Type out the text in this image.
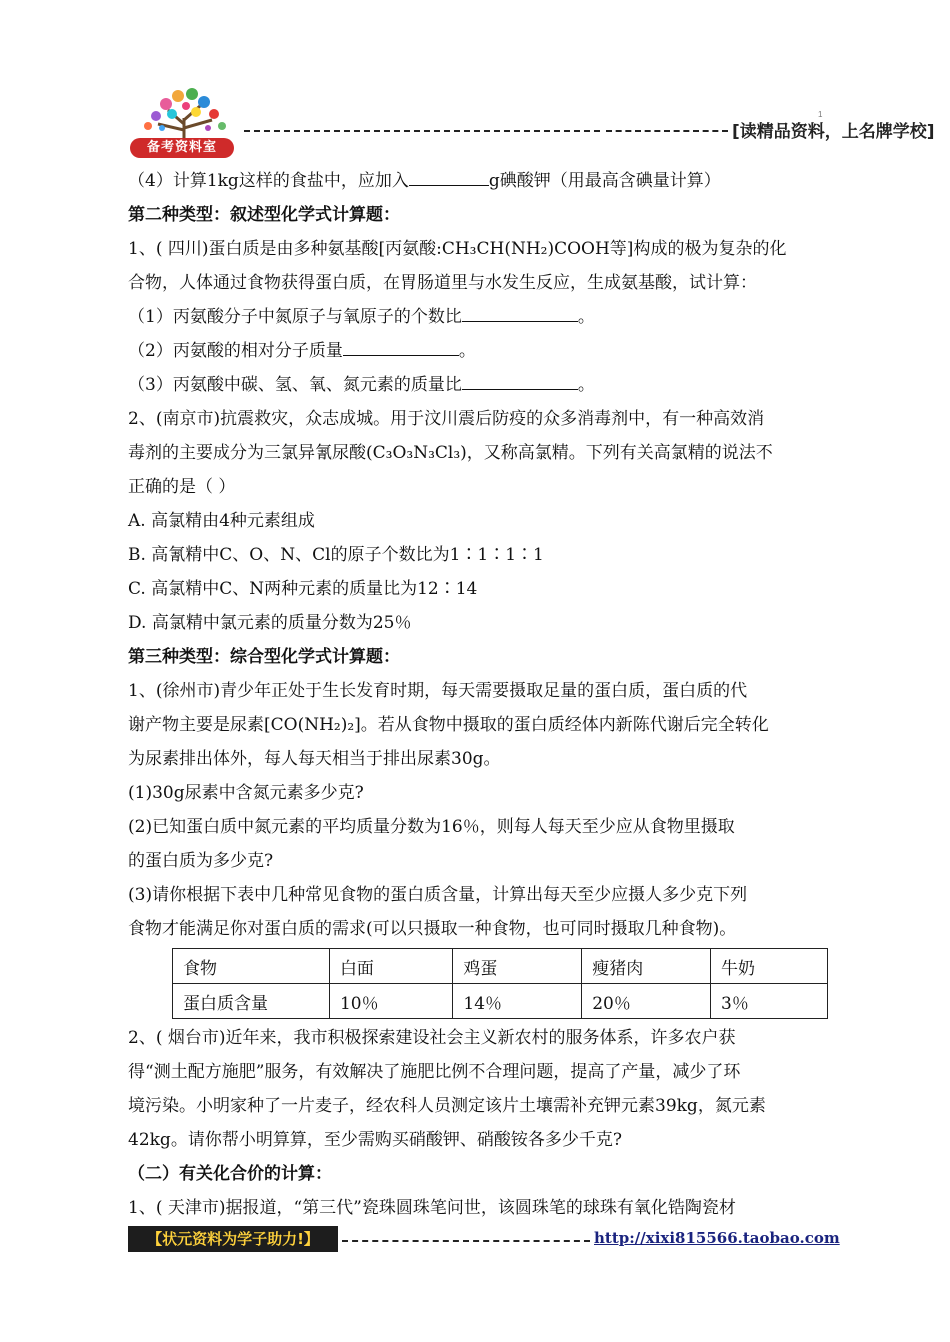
备考资料室
[读精品资料，上名牌学校]
1
（4）计算1kg这样的食盐中，应加入	g碘酸钾（用最高含碘量计算）
第二种类型：叙述型化学式计算题：
1、( 四川)蛋白质是由多种氨基酸[丙氨酸:CH₃CH(NH₂)COOH等]构成的极为复杂的化
合物，人体通过食物获得蛋白质，在胃肠道里与水发生反应，生成氨基酸，试计算：
（1）丙氨酸分子中氮原子与氧原子的个数比	。
（2）丙氨酸的相对分子质量	。
（3）丙氨酸中碳、氢、氧、氮元素的质量比	。
2、(南京市)抗震救灾，众志成城。用于汶川震后防疫的众多消毒剂中，有一种高效消
毒剂的主要成分为三氯异氰尿酸(C₃O₃N₃Cl₃)，又称高氯精。下列有关高氯精的说法不
正确的是（ ）
A. 高氯精由4种元素组成
B. 高氰精中C、O、N、Cl的原子个数比为1∶1∶1∶1
C. 高氯精中C、N两种元素的质量比为12∶14
D. 高氯精中氯元素的质量分数为25％
第三种类型：综合型化学式计算题：
1、(徐州市)青少年正处于生长发育时期，每天需要摄取足量的蛋白质，蛋白质的代
谢产物主要是尿素[CO(NH₂)₂]。若从食物中摄取的蛋白质经体内新陈代谢后完全转化
为尿素排出体外，每人每天相当于排出尿素30g。
(1)30g尿素中含氮元素多少克?
(2)已知蛋白质中氮元素的平均质量分数为16％，则每人每天至少应从食物里摄取
的蛋白质为多少克?
(3)请你根据下表中几种常见食物的蛋白质含量，计算出每天至少应摄人多少克下列
食物才能满足你对蛋白质的需求(可以只摄取一种食物，也可同时摄取几种食物)。
食物	白面	鸡蛋	瘦猪肉	牛奶
蛋白质含量	10％	14％	20％	3％
2、( 烟台市)近年来，我市积极探索建设社会主义新农村的服务体系，许多农户获
得“测土配方施肥”服务，有效解决了施肥比例不合理问题，提高了产量，减少了环
境污染。小明家种了一片麦子，经农科人员测定该片土壤需补充钾元素39kg，氮元素
42kg。请你帮小明算算，至少需购买硝酸钾、硝酸铵各多少千克?
（二）有关化合价的计算：
1、( 天津市)据报道，“第三代”瓷珠圆珠笔问世，该圆珠笔的球珠有氧化锆陶瓷材
【状元资料为学子助力!】	http://xixi815566.taobao.com
